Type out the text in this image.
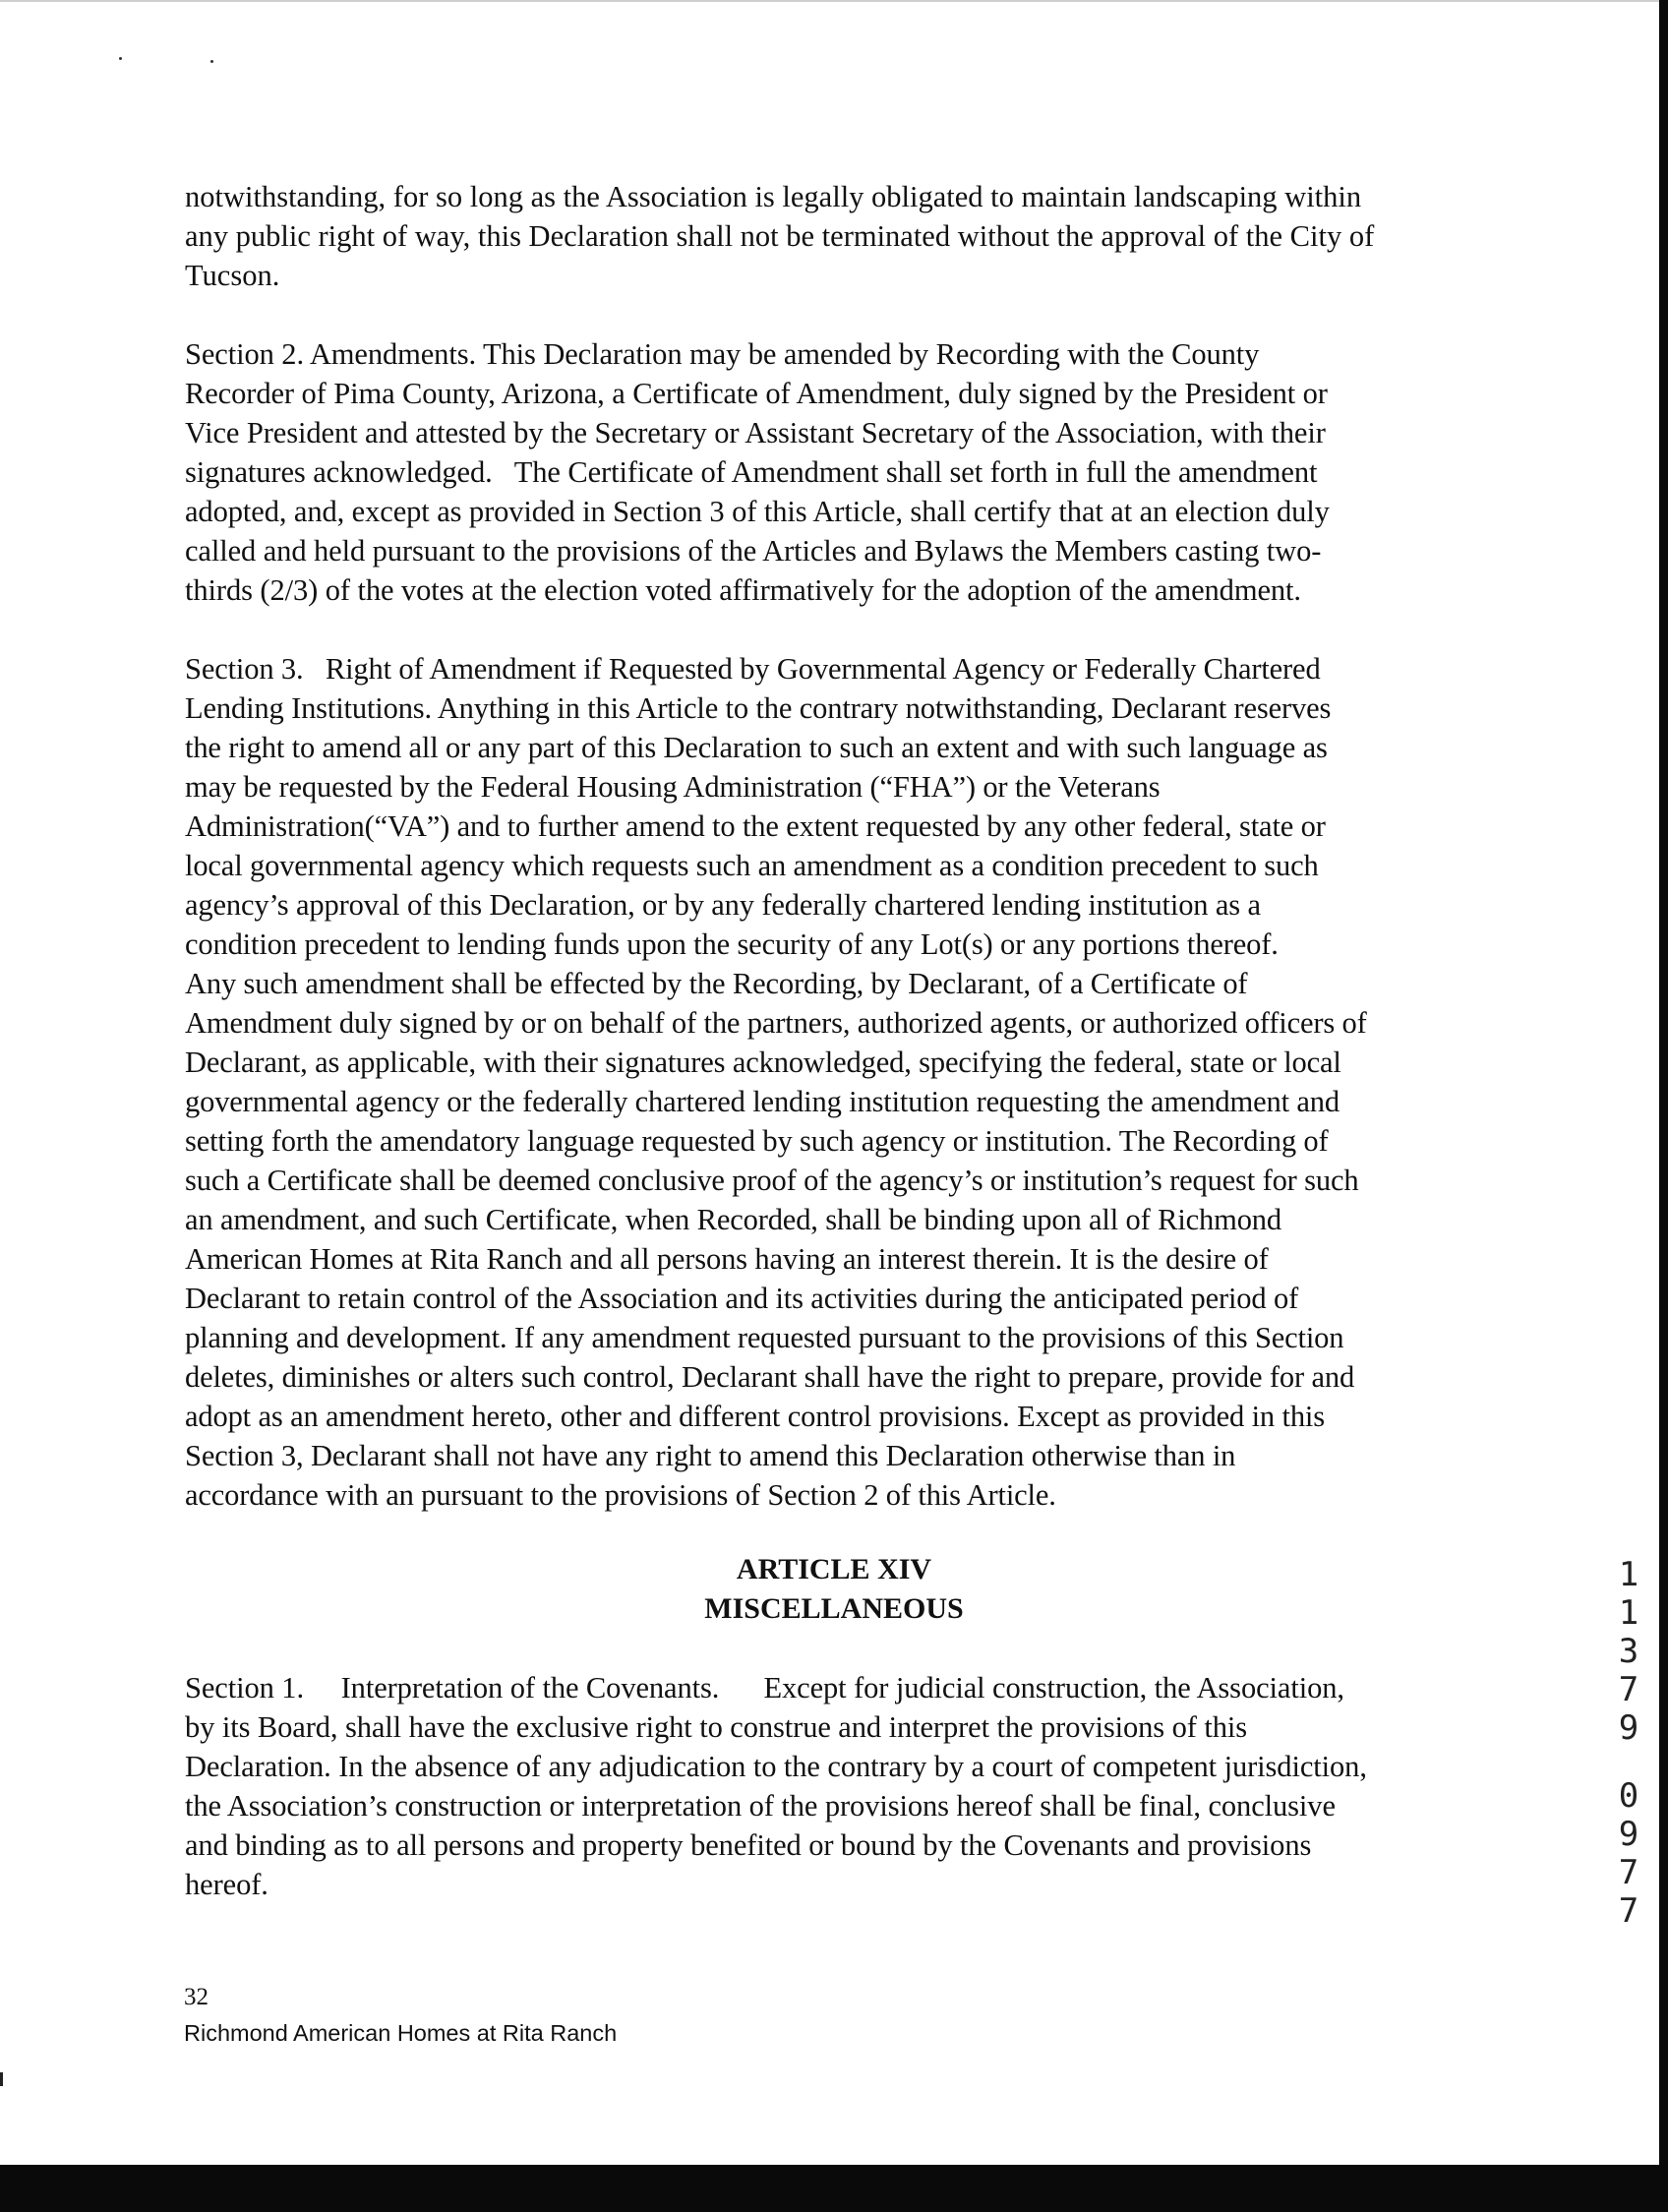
notwithstanding, for so long as the Association is legally obligated to maintain landscaping within
any public right of way, this Declaration shall not be terminated without the approval of the City of
Tucson.
Section 2. Amendments. This Declaration may be amended by Recording with the County
Recorder of Pima County, Arizona, a Certificate of Amendment, duly signed by the President or
Vice President and attested by the Secretary or Assistant Secretary of the Association, with their
signatures acknowledged.   The Certificate of Amendment shall set forth in full the amendment
adopted, and, except as provided in Section 3 of this Article, shall certify that at an election duly
called and held pursuant to the provisions of the Articles and Bylaws the Members casting two-
thirds (2/3) of the votes at the election voted affirmatively for the adoption of the amendment.
Section 3.   Right of Amendment if Requested by Governmental Agency or Federally Chartered
Lending Institutions. Anything in this Article to the contrary notwithstanding, Declarant reserves
the right to amend all or any part of this Declaration to such an extent and with such language as
may be requested by the Federal Housing Administration (“FHA”) or the Veterans
Administration(“VA”) and to further amend to the extent requested by any other federal, state or
local governmental agency which requests such an amendment as a condition precedent to such
agency’s approval of this Declaration, or by any federally chartered lending institution as a
condition precedent to lending funds upon the security of any Lot(s) or any portions thereof.
Any such amendment shall be effected by the Recording, by Declarant, of a Certificate of
Amendment duly signed by or on behalf of the partners, authorized agents, or authorized officers of
Declarant, as applicable, with their signatures acknowledged, specifying the federal, state or local
governmental agency or the federally chartered lending institution requesting the amendment and
setting forth the amendatory language requested by such agency or institution. The Recording of
such a Certificate shall be deemed conclusive proof of the agency’s or institution’s request for such
an amendment, and such Certificate, when Recorded, shall be binding upon all of Richmond
American Homes at Rita Ranch and all persons having an interest therein. It is the desire of
Declarant to retain control of the Association and its activities during the anticipated period of
planning and development. If any amendment requested pursuant to the provisions of this Section
deletes, diminishes or alters such control, Declarant shall have the right to prepare, provide for and
adopt as an amendment hereto, other and different control provisions. Except as provided in this
Section 3, Declarant shall not have any right to amend this Declaration otherwise than in
accordance with an pursuant to the provisions of Section 2 of this Article.
ARTICLE XIV
MISCELLANEOUS
Section 1.     Interpretation of the Covenants.      Except for judicial construction, the Association,
by its Board, shall have the exclusive right to construe and interpret the provisions of this
Declaration. In the absence of any adjudication to the contrary by a court of competent jurisdiction,
the Association’s construction or interpretation of the provisions hereof shall be final, conclusive
and binding as to all persons and property benefited or bound by the Covenants and provisions
hereof.
32
Richmond American Homes at Rita Ranch
1
1
3
7
9
0
9
7
7
